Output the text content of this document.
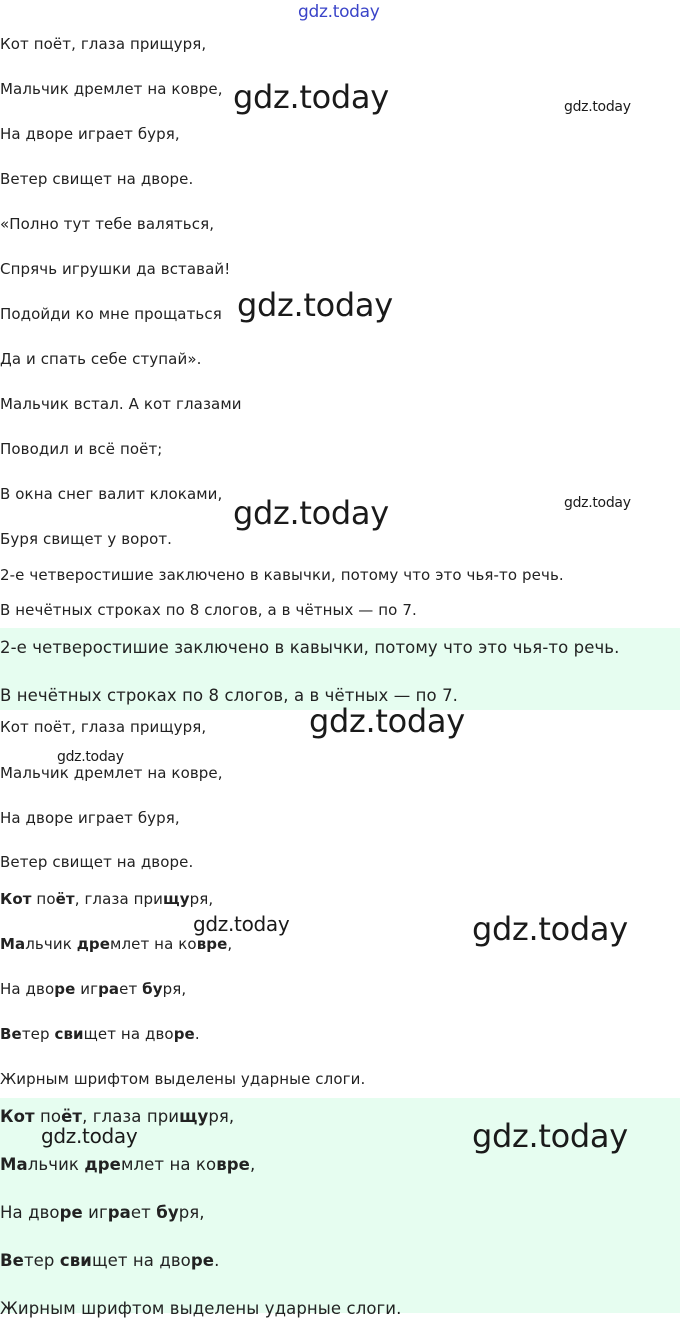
Кот поёт, глаза прищуря,
Мальчик дремлет на ковре,
На дворе играет буря,
Ветер свищет на дворе.
«Полно тут тебе валяться,
Спрячь игрушки да вставай!
Подойди ко мне прощаться
Да и спать себе ступай».
Мальчик встал. А кот глазами
Поводил и всё поёт;
В окна снег валит клоками,
Буря свищет у ворот.
2-е четверостишие заключено в кавычки, потому что это чья-то речь.
В нечётных строках по 8 слогов, а в чётных — по 7.
2-е четверостишие заключено в кавычки, потому что это чья-то речь.
В нечётных строках по 8 слогов, а в чётных — по 7.
Кот поёт, глаза прищуря,
Мальчик дремлет на ковре,
На дворе играет буря,
Ветер свищет на дворе.
Кот поёт, глаза прищуря,
Мальчик дремлет на ковре,
На дворе играет буря,
Ветер свищет на дворе.
Жирным шрифтом выделены ударные слоги.
Кот поёт, глаза прищуря,
Мальчик дремлет на ковре,
На дворе играет буря,
Ветер свищет на дворе.
Жирным шрифтом выделены ударные слоги.
gdz.today
gdz.today	gdz.today
gdz.today
gdz.today
gdz.today
gdz.today
gdz.today
gdz.today	gdz.today
gdz.today	gdz.today
